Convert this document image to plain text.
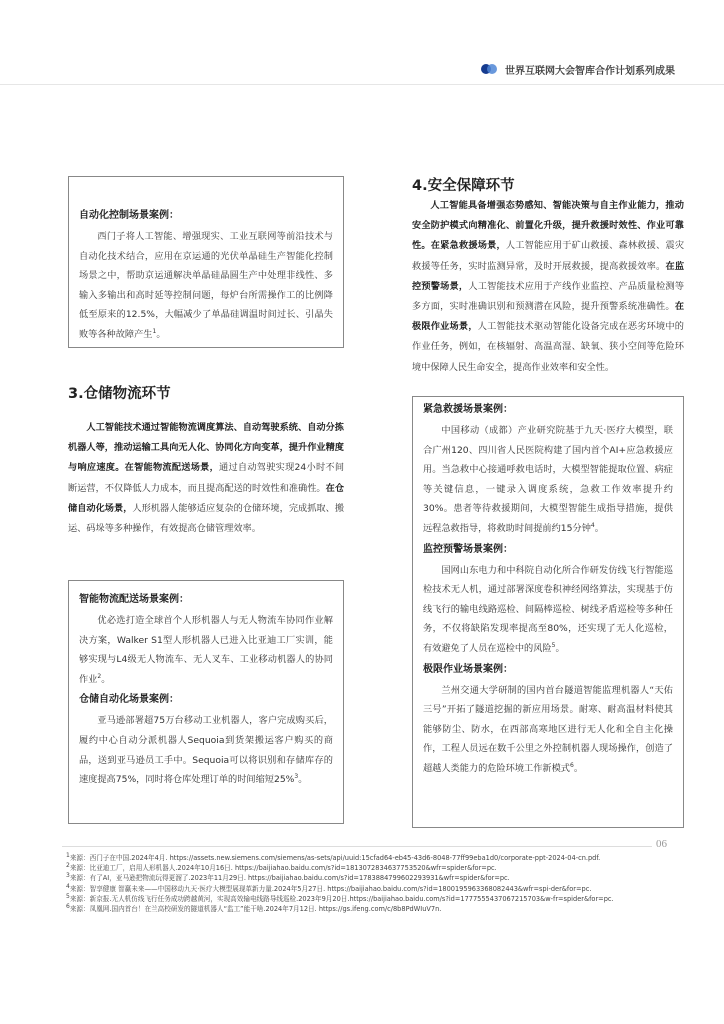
世界互联网大会智库合作计划系列成果

自动化控制场景案例：

西门子将人工智能、增强现实、工业互联网等前沿技术与自动化技术结合，应用在京运通的光伏单晶硅生产智能化控制场景之中，帮助京运通解决单晶硅晶圆生产中处理非线性、多输入多输出和高时延等控制问题，每炉台所需操作工的比例降低至原来的12.5%，大幅减少了单晶硅调温时间过长、引晶失败等各种故障产生$^1$。

3.仓储物流环节

人工智能技术通过智能物流调度算法、自动驾驶系统、自动分拣机器人等，推动运输工具向无人化、协同化方向变革，提升作业精度与响应速度。在智能物流配送场景，通过自动驾驶实现24小时不间断运营，不仅降低人力成本，而且提高配送的时效性和准确性。在仓储自动化场景，人形机器人能够适应复杂的仓储环境，完成抓取、搬运、码垛等多种操作，有效提高仓储管理效率。

智能物流配送场景案例：

优必选打造全球首个人形机器人与无人物流车协同作业解决方案，Walker S1型人形机器人已进入比亚迪工厂实训，能够实现与L4级无人物流车、无人叉车、工业移动机器人的协同作业$^2$。

仓储自动化场景案例：

亚马逊部署超75万台移动工业机器人，客户完成购买后，履约中心自动分派机器人Sequoia到货架搬运客户购买的商品，送到亚马逊员工手中。Sequoia可以将识别和存储库存的速度提高75%，同时将仓库处理订单的时间缩短25%$^3$。

4.安全保障环节

人工智能具备增强态势感知、智能决策与自主作业能力，推动安全防护模式向精准化、前置化升级，提升救援时效性、作业可靠性。在紧急救援场景，人工智能应用于矿山救援、森林救援、震灾救援等任务，实时监测异常，及时开展救援，提高救援效率。在监控预警场景，人工智能技术应用于产线作业监控、产品质量检测等多方面，实时准确识别和预测潜在风险，提升预警系统准确性。在极限作业场景，人工智能技术驱动智能化设备完成在恶劣环境中的作业任务，例如，在核辐射、高温高湿、缺氧、狭小空间等危险环境中保障人民生命安全，提高作业效率和安全性。

紧急救援场景案例：

中国移动（成都）产业研究院基于九天·医疗大模型，联合广州120、四川省人民医院构建了国内首个AI+应急救援应用。当急救中心接通呼救电话时，大模型智能提取位置、病症等关键信息，一键录入调度系统，急救工作效率提升约30%。患者等待救援期间，大模型智能生成指导措施，提供远程急救指导，将救助时间提前约15分钟$^4$。

监控预警场景案例：

国网山东电力和中科院自动化所合作研发仿线飞行智能巡检技术无人机，通过部署深度卷积神经网络算法，实现基于仿线飞行的输电线路巡检、间隔棒巡检、树线矛盾巡检等多种任务，不仅将缺陷发现率提高至80%，还实现了无人化巡检，有效避免了人员在巡检中的风险$^5$。

极限作业场景案例：

兰州交通大学研制的国内首台隧道智能监理机器人“天佑三号”开拓了隧道挖掘的新应用场景。耐寒、耐高温材料使其能够防尘、防水，在西部高寒地区进行无人化和全自主化操作，工程人员远在数千公里之外控制机器人现场操作，创造了超越人类能力的危险环境工作新模式$^6$。

06

1来源：西门子在中国.2024年4月. https://assets.new.siemens.com/siemens/as-sets/api/uuid:15cfad64-eb45-43d6-8048-77ff99eba1d0/corporate-ppt-2024-04-cn.pdf.

2来源：比亚迪工厂，启用人形机器人.2024年10月16日. https://baijiahao.baidu.com/s?id=1813072834637753520&wfr=spider&for=pc.

3来源：有了AI，亚马逊把物流玩得更溜了.2023年11月29日. https://baijiahao.baidu.com/s?id=1783884799602293931&wfr=spider&for=pc.

4来源：智享健康 智赢未来——中国移动九天·医疗大模型展现革新力量.2024年5月27日. https://baijiahao.baidu.com/s?id=1800195963368082443&wfr=spi-der&for=pc.

5来源：新京报.无人机仿线飞行任务成功跨越黄河，实现高效输电线路导线巡检.2023年9月20日.https://baijiahao.baidu.com/s?id=1777555437067215703&w-fr=spider&for=pc.

6来源：凤凰网.国内首台！在兰高校研发的隧道机器人“监工”能干啥.2024年7月12日. https://gs.ifeng.com/c/8b8PdWIuV7n.
